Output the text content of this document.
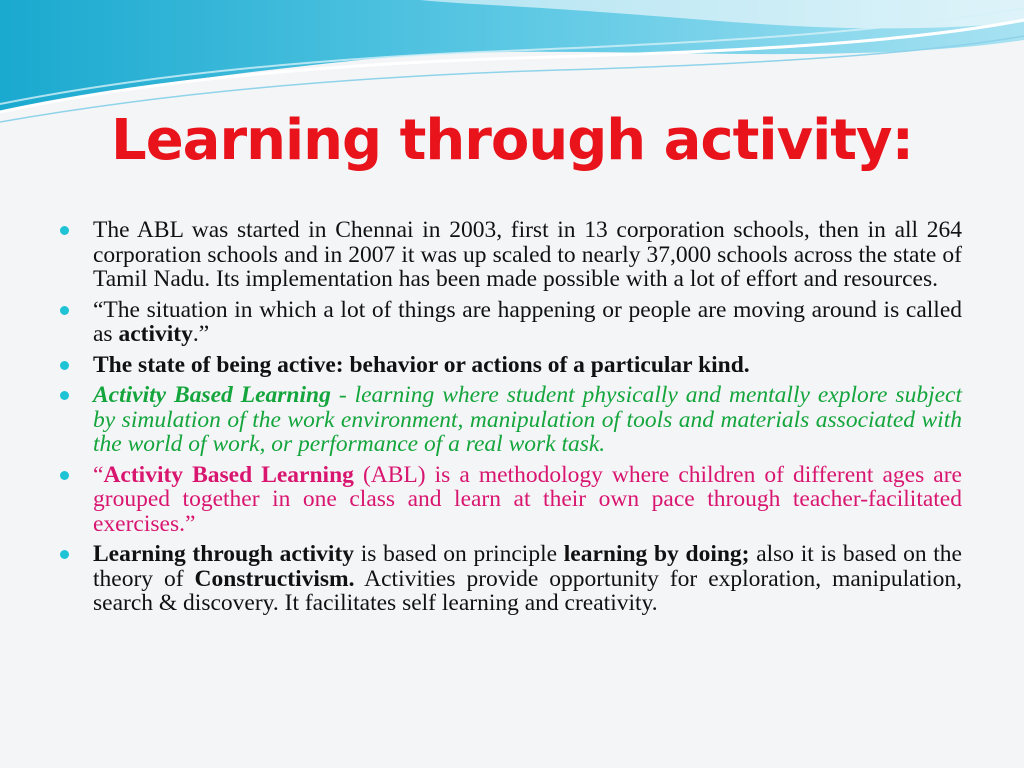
Learning through activity:
The ABL was started in Chennai in 2003, first in 13 corporation schools, then in all 264 corporation schools and in 2007 it was up scaled to nearly 37,000 schools across the state of Tamil Nadu. Its implementation has been made possible with a lot of effort and resources.
“The situation in which a lot of things are happening or people are moving around is called as activity.”
The state of being active: behavior or actions of a particular kind.
Activity Based Learning - learning where student physically and mentally explore subject by simulation of the work environment, manipulation of tools and materials associated with the world of work, or performance of a real work task.
“Activity Based Learning (ABL) is a methodology where children of different ages are grouped together in one class and learn at their own pace through teacher-facilitated exercises.”
Learning through activity is based on principle learning by doing; also it is based on the theory of Constructivism. Activities provide opportunity for exploration, manipulation, search & discovery. It facilitates self learning and creativity.
